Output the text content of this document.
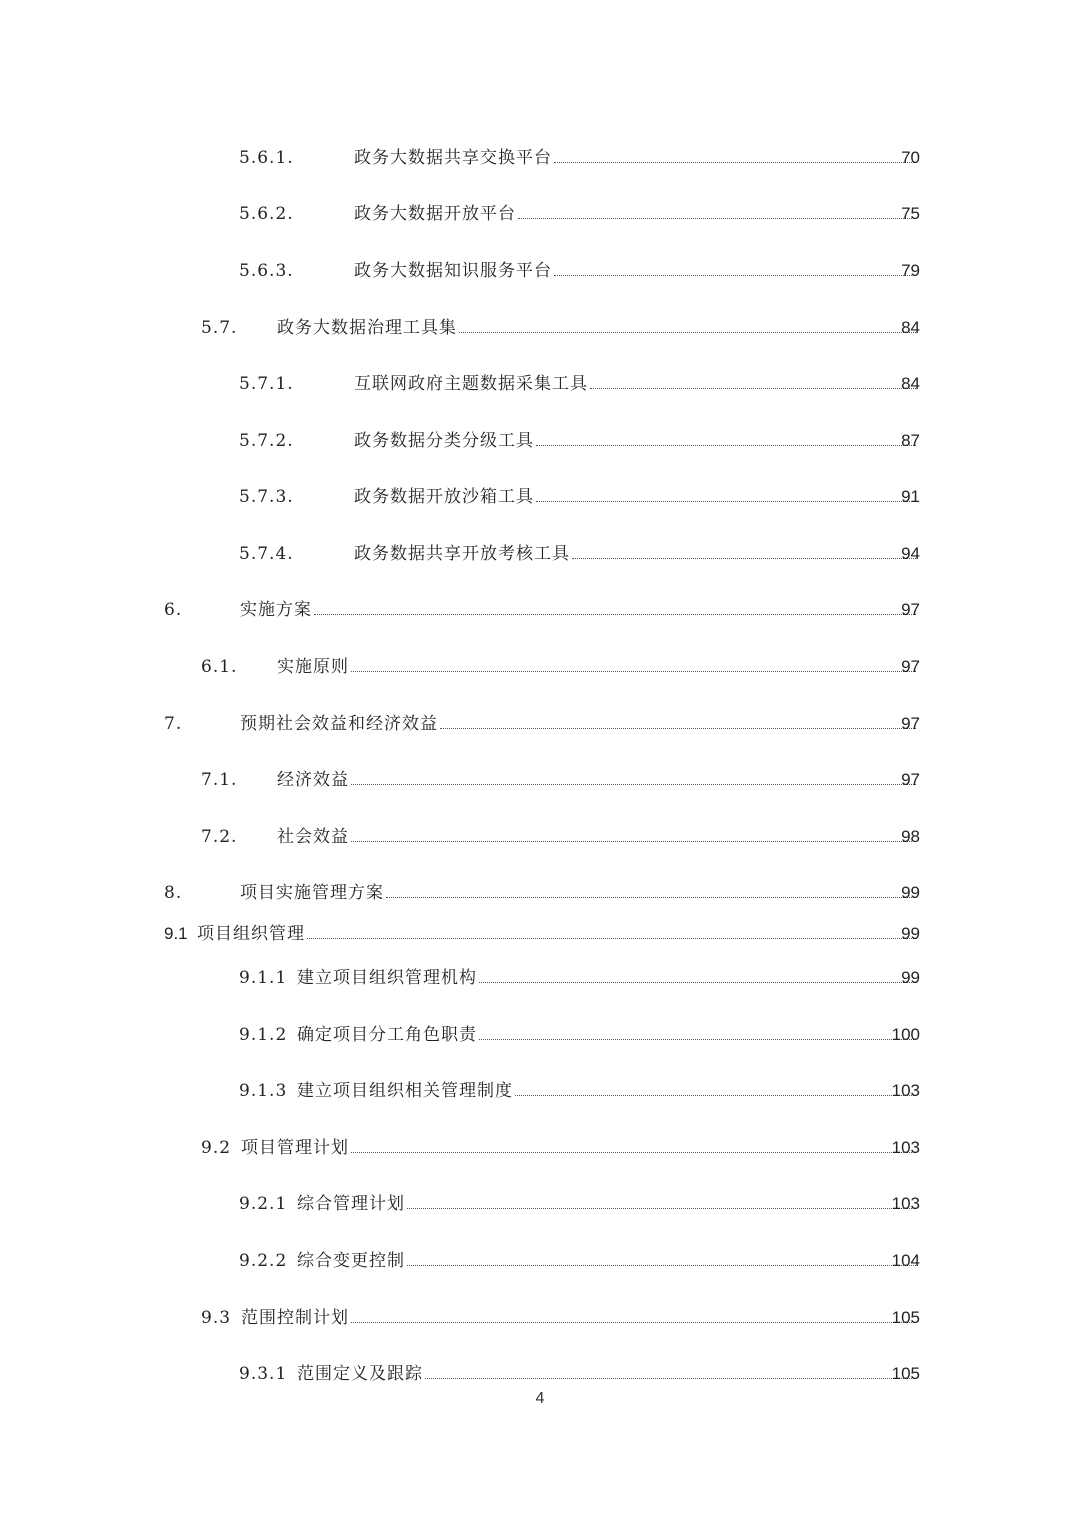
5.6.1.	政务大数据共享交换平台	70
5.6.2.	政务大数据开放平台	75
5.6.3.	政务大数据知识服务平台	79
5.7. 政务大数据治理工具集	84
5.7.1.	互联网政府主题数据采集工具	84
5.7.2.	政务数据分类分级工具	87
5.7.3.	政务数据开放沙箱工具	91
5.7.4.	政务数据共享开放考核工具	94
6.	实施方案	97
6.1. 实施原则	97
7.	预期社会效益和经济效益	97
7.1. 经济效益	97
7.2. 社会效益	98
8.	项目实施管理方案	99
9.1 项目组织管理	99
9.1.1 建立项目组织管理机构	99
9.1.2 确定项目分工角色职责	100
9.1.3 建立项目组织相关管理制度	103
9.2 项目管理计划	103
9.2.1 综合管理计划	103
9.2.2 综合变更控制	104
9.3 范围控制计划	105
9.3.1 范围定义及跟踪	105
4
